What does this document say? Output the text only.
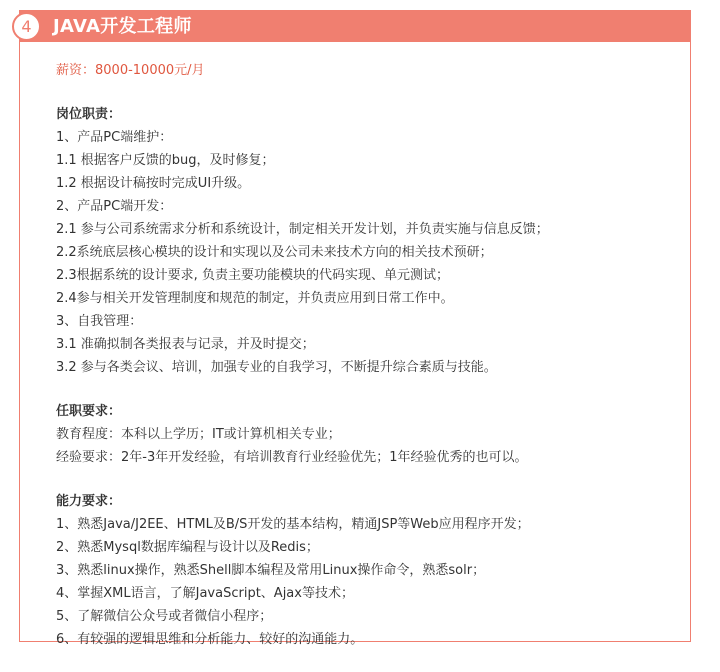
4	JAVA开发工程师
薪资：8000-10000元/月
岗位职责：
1、产品PC端维护：
1.1 根据客户反馈的bug，及时修复；
1.2 根据设计稿按时完成UI升级。
2、产品PC端开发：
2.1 参与公司系统需求分析和系统设计，制定相关开发计划，并负责实施与信息反馈；
2.2系统底层核心模块的设计和实现以及公司未来技术方向的相关技术预研；
2.3根据系统的设计要求, 负责主要功能模块的代码实现、单元测试；
2.4参与相关开发管理制度和规范的制定，并负责应用到日常工作中。
3、自我管理：
3.1 准确拟制各类报表与记录，并及时提交；
3.2 参与各类会议、培训，加强专业的自我学习，不断提升综合素质与技能。
任职要求：
教育程度：本科以上学历；IT或计算机相关专业；
经验要求：2年-3年开发经验，有培训教育行业经验优先；1年经验优秀的也可以。
能力要求：
1、熟悉Java/J2EE、HTML及B/S开发的基本结构，精通JSP等Web应用程序开发；
2、熟悉Mysql数据库编程与设计以及Redis；
3、熟悉linux操作，熟悉Shell脚本编程及常用Linux操作命令，熟悉solr；
4、掌握XML语言，了解JavaScript、Ajax等技术；
5、了解微信公众号或者微信小程序；
6、有较强的逻辑思维和分析能力、较好的沟通能力。
